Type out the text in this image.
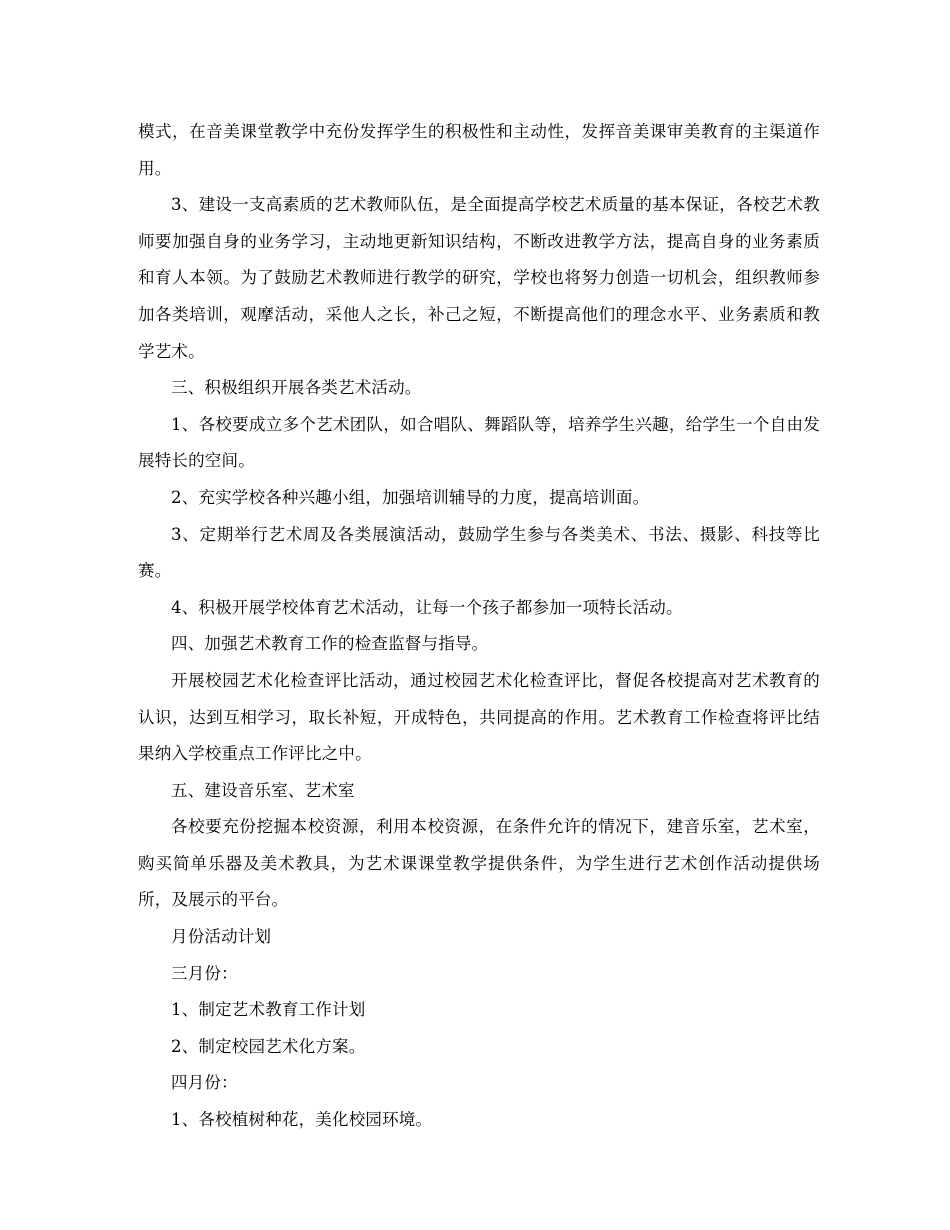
模式，在音美课堂教学中充份发挥学生的积极性和主动性，发挥音美课审美教育的主渠道作用。

3、建设一支高素质的艺术教师队伍，是全面提高学校艺术质量的基本保证，各校艺术教师要加强自身的业务学习，主动地更新知识结构，不断改进教学方法，提高自身的业务素质和育人本领。为了鼓励艺术教师进行教学的研究，学校也将努力创造一切机会，组织教师参加各类培训，观摩活动，采他人之长，补己之短，不断提高他们的理念水平、业务素质和教学艺术。

三、积极组织开展各类艺术活动。

1、各校要成立多个艺术团队，如合唱队、舞蹈队等，培养学生兴趣，给学生一个自由发展特长的空间。

2、充实学校各种兴趣小组，加强培训辅导的力度，提高培训面。

3、定期举行艺术周及各类展演活动，鼓励学生参与各类美术、书法、摄影、科技等比赛。

4、积极开展学校体育艺术活动，让每一个孩子都参加一项特长活动。

四、加强艺术教育工作的检查监督与指导。

开展校园艺术化检查评比活动，通过校园艺术化检查评比，督促各校提高对艺术教育的认识，达到互相学习，取长补短，开成特色，共同提高的作用。艺术教育工作检查将评比结果纳入学校重点工作评比之中。

五、建设音乐室、艺术室

各校要充份挖掘本校资源，利用本校资源，在条件允许的情况下，建音乐室，艺术室，购买简单乐器及美术教具，为艺术课课堂教学提供条件，为学生进行艺术创作活动提供场所，及展示的平台。

月份活动计划

三月份：

1、制定艺术教育工作计划

2、制定校园艺术化方案。

四月份：

1、各校植树种花，美化校园环境。
